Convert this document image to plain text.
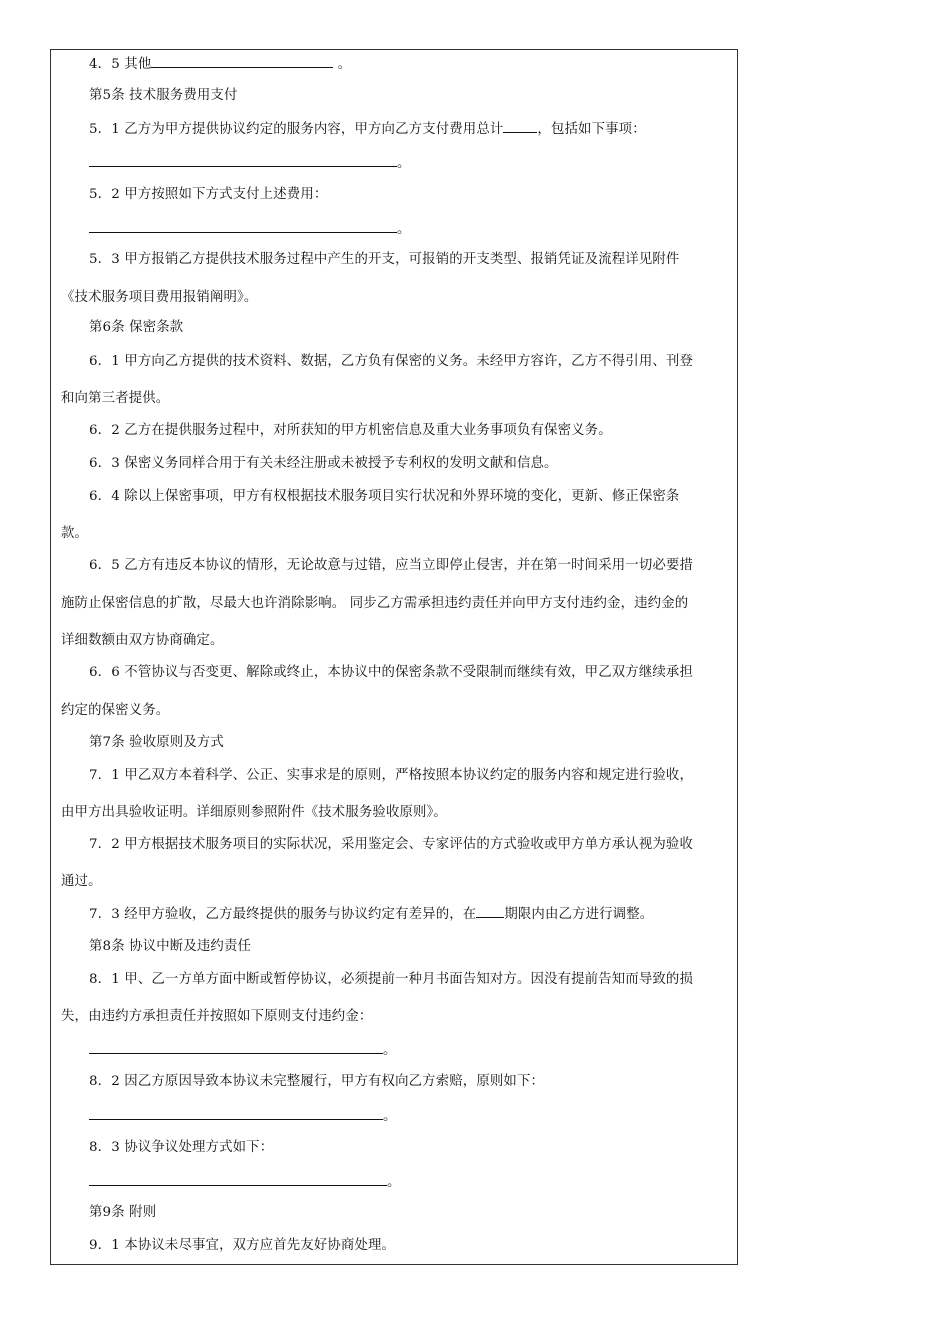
4．5 其他	。
第5条 技术服务费用支付
5．1 乙方为甲方提供协议约定的服务内容，甲方向乙方支付费用总计	，包括如下事项：
。
5．2 甲方按照如下方式支付上述费用：
。
5．3 甲方报销乙方提供技术服务过程中产生的开支，可报销的开支类型、报销凭证及流程详见附件
《技术服务项目费用报销阐明》。
第6条 保密条款
6．1 甲方向乙方提供的技术资料、数据，乙方负有保密的义务。未经甲方容许，乙方不得引用、刊登
和向第三者提供。
6．2 乙方在提供服务过程中，对所获知的甲方机密信息及重大业务事项负有保密义务。
6．3 保密义务同样合用于有关未经注册或未被授予专利权的发明文献和信息。
6．4 除以上保密事项，甲方有权根据技术服务项目实行状况和外界环境的变化，更新、修正保密条
款。
6．5 乙方有违反本协议的情形，无论故意与过错，应当立即停止侵害，并在第一时间采用一切必要措
施防止保密信息的扩散，尽最大也许消除影响。 同步乙方需承担违约责任并向甲方支付违约金，违约金的
详细数额由双方协商确定。
6．6 不管协议与否变更、解除或终止，本协议中的保密条款不受限制而继续有效，甲乙双方继续承担
约定的保密义务。
第7条 验收原则及方式
7．1 甲乙双方本着科学、公正、实事求是的原则，严格按照本协议约定的服务内容和规定进行验收，
由甲方出具验收证明。详细原则参照附件《技术服务验收原则》。
7．2 甲方根据技术服务项目的实际状况，采用鉴定会、专家评估的方式验收或甲方单方承认视为验收
通过。
7．3 经甲方验收，乙方最终提供的服务与协议约定有差异的，在 期限内由乙方进行调整。
第8条 协议中断及违约责任
8．1 甲、乙一方单方面中断或暂停协议，必须提前一种月书面告知对方。因没有提前告知而导致的损
失，由违约方承担责任并按照如下原则支付违约金：
。
8．2 因乙方原因导致本协议未完整履行，甲方有权向乙方索赔，原则如下：
。
8．3 协议争议处理方式如下：
。
第9条 附则
9．1 本协议未尽事宜，双方应首先友好协商处理。
